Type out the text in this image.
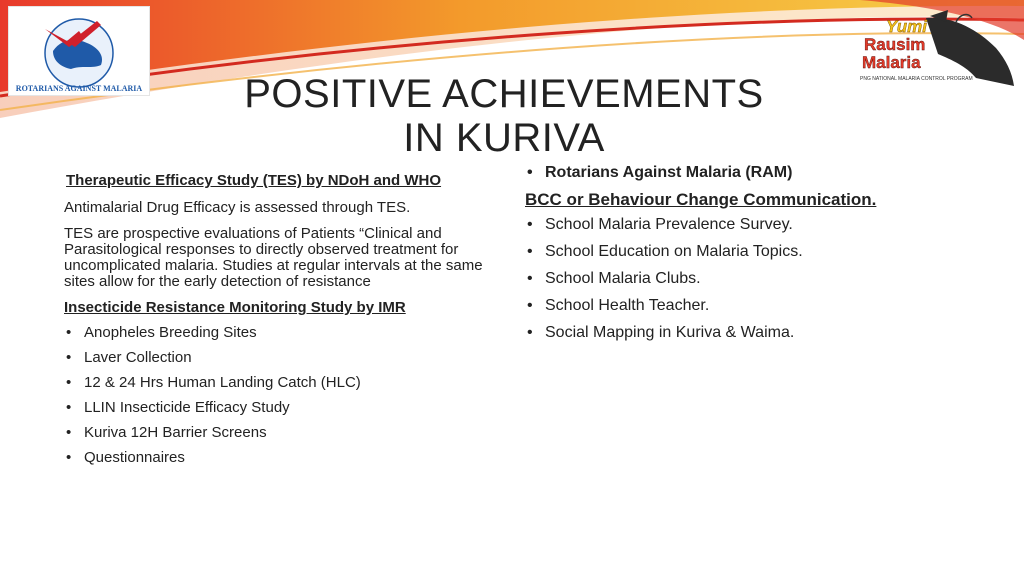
ROTARIANS AGAINST MALARIA
Yumi
Rausim
Malaria
PNG NATIONAL MALARIA CONTROL PROGRAM
POSITIVE ACHIEVEMENTS
IN KURIVA

Therapeutic Efficacy Study (TES) by NDoH and WHO

Antimalarial Drug Efficacy is assessed through TES.

TES are prospective evaluations of Patients “Clinical and Parasitological responses to directly observed treatment for uncomplicated malaria. Studies at regular intervals at the same sites allow for the early detection of resistance

Insecticide Resistance Monitoring Study by IMR

• Anopheles Breeding Sites
• Laver Collection
• 12 & 24 Hrs Human Landing Catch (HLC)
• LLIN Insecticide Efficacy Study
• Kuriva 12H Barrier Screens
• Questionnaires
• Rotarians Against Malaria (RAM)
BCC or Behaviour Change Communication.
• School Malaria Prevalence Survey.
• School Education on Malaria Topics.
• School Malaria Clubs.
• School Health Teacher.
• Social Mapping in Kuriva & Waima.
